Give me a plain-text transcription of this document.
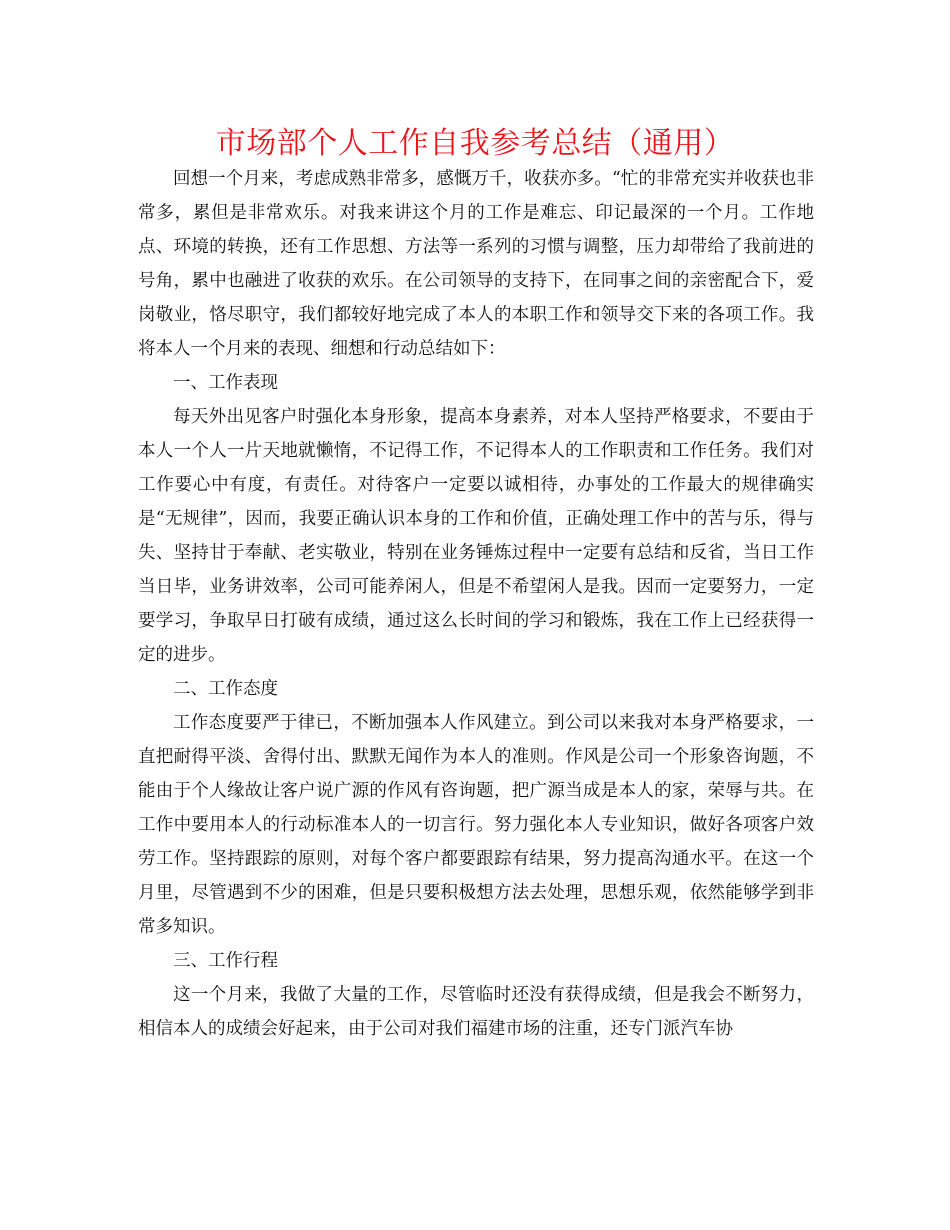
市场部个人工作自我参考总结（通用）

回想一个月来，考虑成熟非常多，感慨万千，收获亦多。“忙的非常充实并收获也非常多，累但是非常欢乐。对我来讲这个月的工作是难忘、印记最深的一个月。工作地点、环境的转换，还有工作思想、方法等一系列的习惯与调整，压力却带给了我前进的号角，累中也融进了收获的欢乐。在公司领导的支持下，在同事之间的亲密配合下，爱岗敬业，恪尽职守，我们都较好地完成了本人的本职工作和领导交下来的各项工作。我将本人一个月来的表现、细想和行动总结如下：

一、工作表现

每天外出见客户时强化本身形象，提高本身素养，对本人坚持严格要求，不要由于本人一个人一片天地就懒惰，不记得工作，不记得本人的工作职责和工作任务。我们对工作要心中有度，有责任。对待客户一定要以诚相待，办事处的工作最大的规律确实是“无规律”，因而，我要正确认识本身的工作和价值，正确处理工作中的苦与乐，得与失、坚持甘于奉献、老实敬业，特别在业务锤炼过程中一定要有总结和反省，当日工作当日毕，业务讲效率，公司可能养闲人，但是不希望闲人是我。因而一定要努力，一定要学习，争取早日打破有成绩，通过这么长时间的学习和锻炼，我在工作上已经获得一定的进步。

二、工作态度

工作态度要严于律已，不断加强本人作风建立。到公司以来我对本身严格要求，一直把耐得平淡、舍得付出、默默无闻作为本人的准则。作风是公司一个形象咨询题，不能由于个人缘故让客户说广源的作风有咨询题，把广源当成是本人的家，荣辱与共。在工作中要用本人的行动标准本人的一切言行。努力强化本人专业知识，做好各项客户效劳工作。坚持跟踪的原则，对每个客户都要跟踪有结果，努力提高沟通水平。在这一个月里，尽管遇到不少的困难，但是只要积极想方法去处理，思想乐观，依然能够学到非常多知识。

三、工作行程

这一个月来，我做了大量的工作，尽管临时还没有获得成绩，但是我会不断努力，相信本人的成绩会好起来，由于公司对我们福建市场的注重，还专门派汽车协
